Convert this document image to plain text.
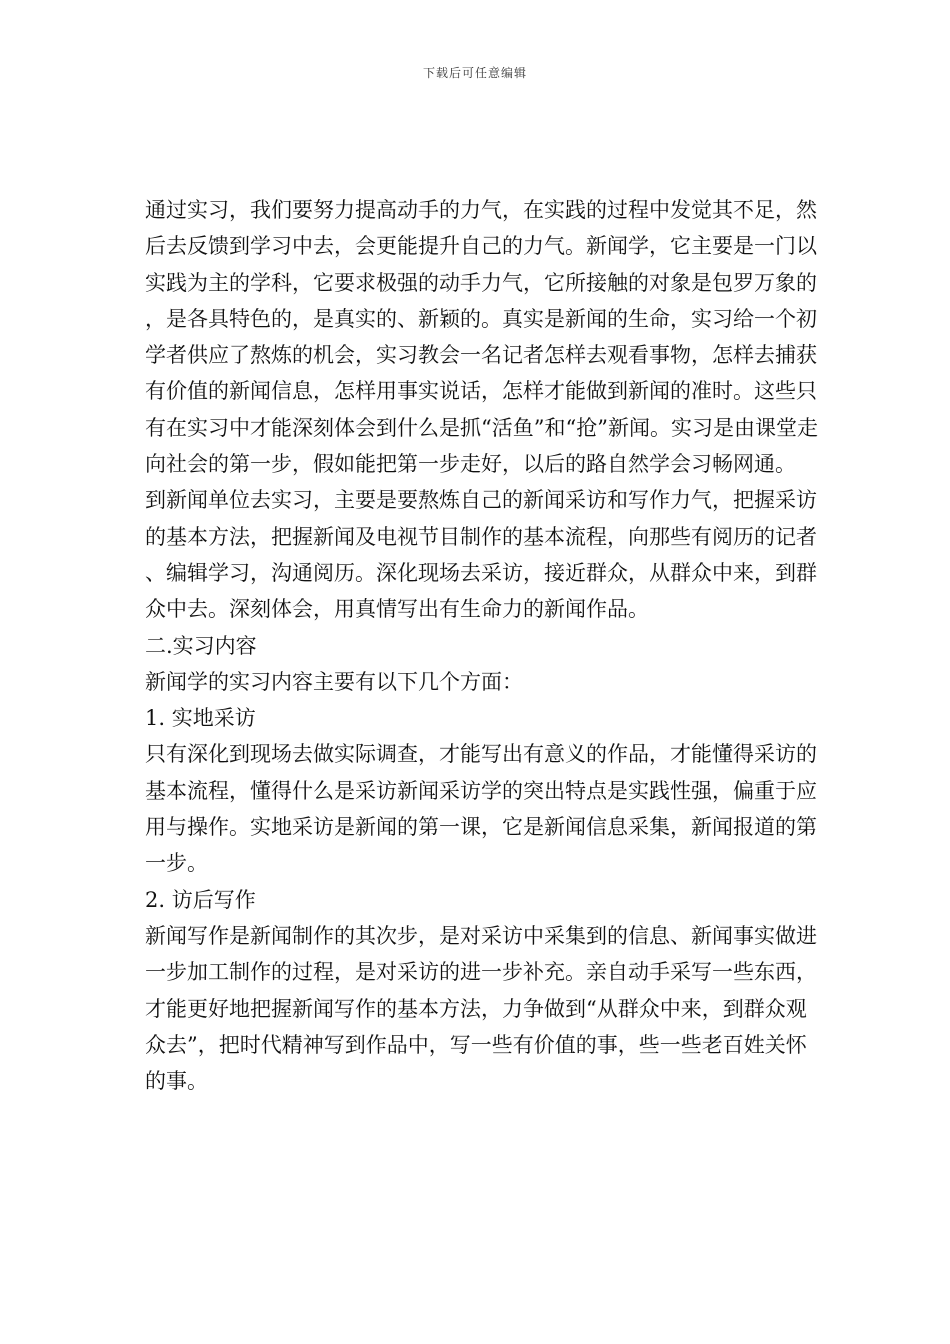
下载后可任意编辑

通过实习，我们要努力提高动手的力气，在实践的过程中发觉其不足，然后去反馈到学习中去，会更能提升自己的力气。新闻学，它主要是一门以实践为主的学科，它要求极强的动手力气，它所接触的对象是包罗万象的，是各具特色的，是真实的、新颖的。真实是新闻的生命，实习给一个初学者供应了熬炼的机会，实习教会一名记者怎样去观看事物，怎样去捕获有价值的新闻信息，怎样用事实说话，怎样才能做到新闻的准时。这些只有在实习中才能深刻体会到什么是抓“活鱼”和“抢”新闻。实习是由课堂走向社会的第一步，假如能把第一步走好，以后的路自然学会习畅网通。

到新闻单位去实习，主要是要熬炼自己的新闻采访和写作力气，把握采访的基本方法，把握新闻及电视节目制作的基本流程，向那些有阅历的记者、编辑学习，沟通阅历。深化现场去采访，接近群众，从群众中来，到群众中去。深刻体会，用真情写出有生命力的新闻作品。

二.实习内容

新闻学的实习内容主要有以下几个方面：

1. 实地采访

只有深化到现场去做实际调查，才能写出有意义的作品，才能懂得采访的基本流程，懂得什么是采访新闻采访学的突出特点是实践性强，偏重于应用与操作。实地采访是新闻的第一课，它是新闻信息采集，新闻报道的第一步。

2. 访后写作

新闻写作是新闻制作的其次步，是对采访中采集到的信息、新闻事实做进一步加工制作的过程，是对采访的进一步补充。亲自动手采写一些东西，才能更好地把握新闻写作的基本方法，力争做到“从群众中来，到群众观众去”，把时代精神写到作品中，写一些有价值的事，些一些老百姓关怀的事。
